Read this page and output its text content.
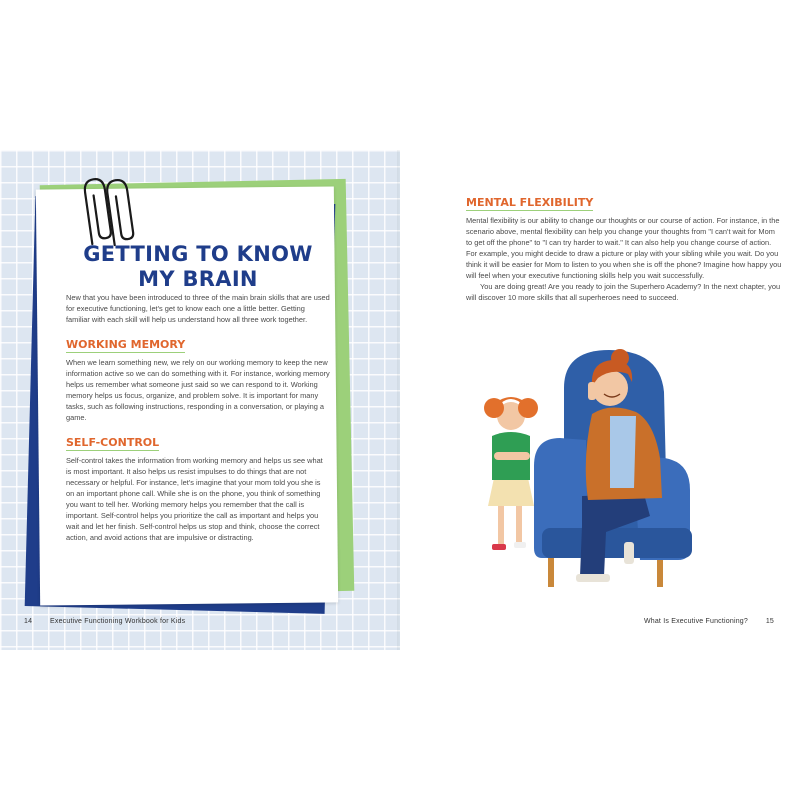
GETTING TO KNOW
MY BRAIN

New that you have been introduced to three of the main brain skills that are used for executive functioning, let's get to know each one a little better. Getting familiar with each skill will help us understand how all three work together.

WORKING MEMORY

When we learn something new, we rely on our working memory to keep the new information active so we can do something with it. For instance, working memory helps us remember what someone just said so we can respond to it. Working memory helps us focus, organize, and problem solve. It is important for many tasks, such as following instructions, responding in a conversation, or playing a game.

SELF-CONTROL

Self-control takes the information from working memory and helps us see what is most important. It also helps us resist impulses to do things that are not necessary or helpful. For instance, let's imagine that your mom told you she is on an important phone call. While she is on the phone, you think of something you want to tell her. Working memory helps you remember that the call is important. Self-control helps you prioritize the call as important and helps you wait and let her finish. Self-control helps us stop and think, choose the correct action, and avoid actions that are impulsive or distracting.

14	Executive Functioning Workbook for Kids
MENTAL FLEXIBILITY

Mental flexibility is our ability to change our thoughts or our course of action. For instance, in the scenario above, mental flexibility can help you change your thoughts from "I can't wait for Mom to get off the phone" to "I can try harder to wait." It can also help you change course of action. For example, you might decide to draw a picture or play with your sibling while you wait. Do you think it will be easier for Mom to listen to you when she is off the phone? Imagine how happy you will feel when your executive functioning skills help you wait successfully.

You are doing great! Are you ready to join the Superhero Academy? In the next chapter, you will discover 10 more skills that all superheroes need to succeed.

What Is Executive Functioning?	15
